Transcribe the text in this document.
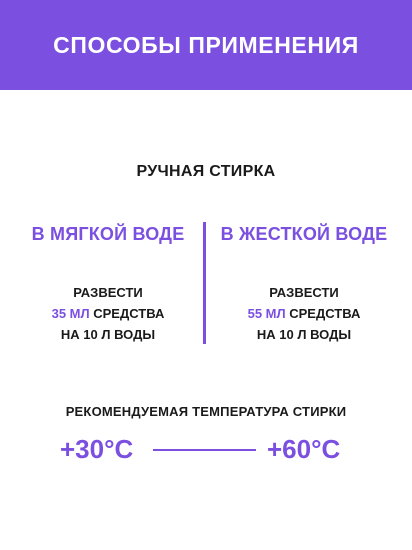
СПОСОБЫ ПРИМЕНЕНИЯ
РУЧНАЯ СТИРКА
В МЯГКОЙ ВОДЕ
РАЗВЕСТИ
35 МЛ СРЕДСТВА
НА 10 Л ВОДЫ
В ЖЕСТКОЙ ВОДЕ
РАЗВЕСТИ
55 МЛ СРЕДСТВА
НА 10 Л ВОДЫ
РЕКОМЕНДУЕМАЯ ТЕМПЕРАТУРА СТИРКИ
+30°C	+60°C
